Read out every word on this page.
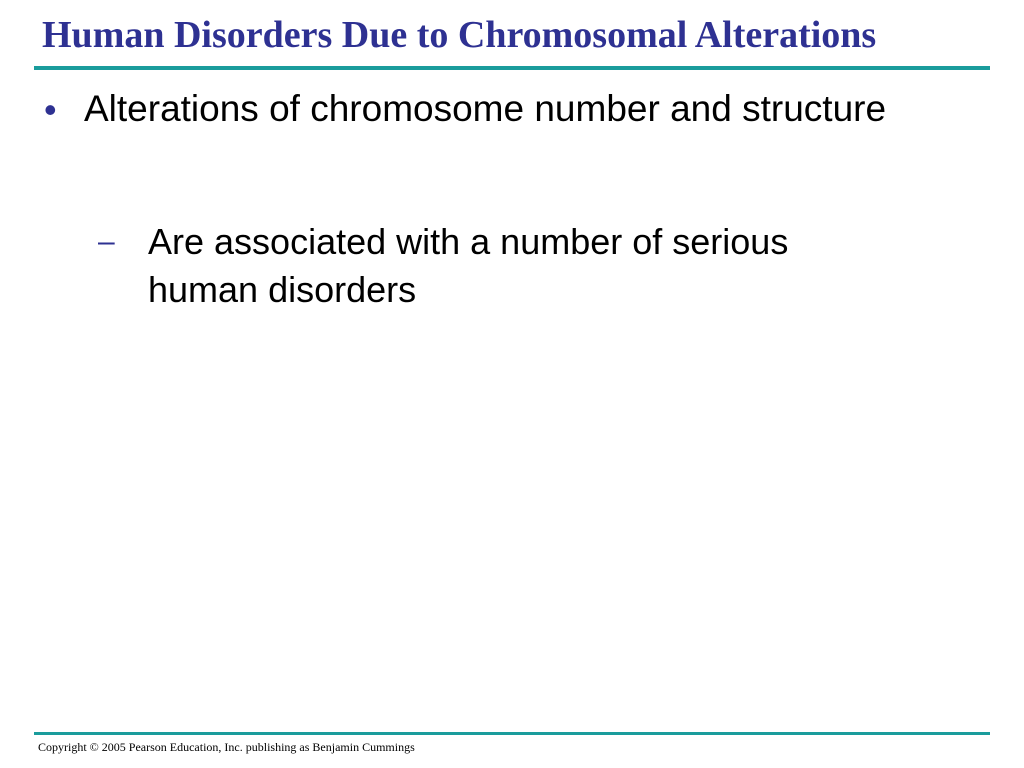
Human Disorders Due to Chromosomal Alterations
• Alterations of chromosome number and structure

– Are associated with a number of serious human disorders

Copyright © 2005 Pearson Education, Inc. publishing as Benjamin Cummings
